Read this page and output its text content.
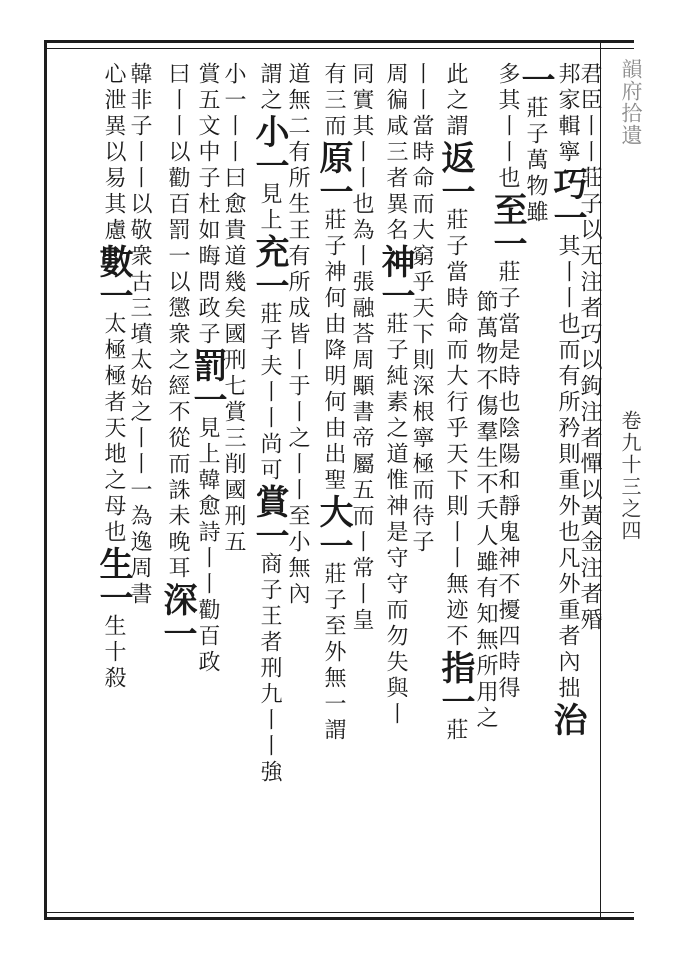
韻府拾遺
卷九十三之四
君臣丨丨莊子以无注者巧以鉤注者憚以黃金注者殙
邦家輯寧巧一其丨丨也而有所矜則重外也凡外重者內拙治
一莊子萬物雖
多其丨丨也至一莊子當是時也陰陽和靜鬼神不擾四時得
節萬物不傷羣生不夭人雖有知無所用之
此之謂返一莊子當時命而大行乎天下則丨丨無迹不指一莊
丨丨當時命而大窮乎天下則深根寧極而待子
周徧咸三者異名神一莊子純素之道惟神是守守而勿失與丨
同實其丨丨也為丨張融荅周顒書帝屬五而丨常丨皇
有三而原一莊子神何由降明何由出聖大一莊子至外無一謂
道無二有所生王有所成皆丨于丨之丨丨至小無內
謂之小一見上充一莊子夫丨丨尚可賞一商子王者刑九丨丨強
小一丨丨曰愈貴道幾矣國刑七賞三削國刑五
賞五文中子杜如晦問政子罰一見上韓愈詩丨丨勸百政
曰丨丨以勸百罰一以懲衆之經不從而誅未晚耳深一
韓非子丨丨以敬衆古三墳太始之丨丨一為逸周書
心泄異以易其慮數一太極極者天地之母也生一生十殺
